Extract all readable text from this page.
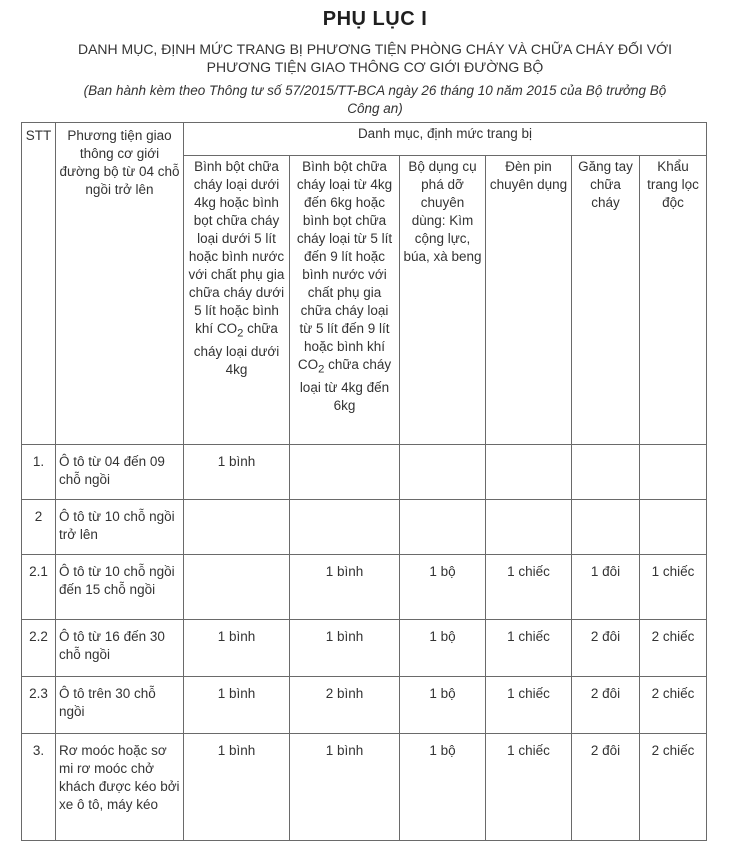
PHỤ LỤC I
DANH MỤC, ĐỊNH MỨC TRANG BỊ PHƯƠNG TIỆN PHÒNG CHÁY VÀ CHỮA CHÁY ĐỐI VỚI
PHƯƠNG TIỆN GIAO THÔNG CƠ GIỚI ĐƯỜNG BỘ
(Ban hành kèm theo Thông tư số 57/2015/TT-BCA ngày 26 tháng 10 năm 2015 của Bộ trưởng Bộ
Công an)
STT	Phương tiện giao thông cơ giới đường bộ từ 04 chỗ ngồi trở lên	Danh mục, định mức trang bị					
		Bình bột chữa cháy loại dưới 4kg hoặc bình bọt chữa cháy loại dưới 5 lít hoặc bình nước với chất phụ gia chữa cháy dưới 5 lít hoặc bình khí $CO_2$ chữa cháy loại dưới 4kg	Bình bột chữa cháy loại từ 4kg đến 6kg hoặc bình bọt chữa cháy loại từ 5 lít đến 9 lít hoặc bình nước với chất phụ gia chữa cháy loại từ 5 lít đến 9 lít hoặc bình khí $CO_2$ chữa cháy loại từ 4kg đến 6kg	Bộ dụng cụ phá dỡ chuyên dùng: Kìm cộng lực, búa, xà beng	Đèn pin chuyên dụng	Găng tay chữa cháy	Khẩu trang lọc độc
1.	Ô tô từ 04 đến 09 chỗ ngồi	1 bình					
2	Ô tô từ 10 chỗ ngồi trở lên						
2.1	Ô tô từ 10 chỗ ngồi đến 15 chỗ ngồi		1 bình	1 bộ	1 chiếc	1 đôi	1 chiếc
2.2	Ô tô từ 16 đến 30 chỗ ngồi	1 bình	1 bình	1 bộ	1 chiếc	2 đôi	2 chiếc
2.3	Ô tô trên 30 chỗ ngồi	1 bình	2 bình	1 bộ	1 chiếc	2 đôi	2 chiếc
3.	Rơ moóc hoặc sơ mi rơ moóc chở khách được kéo bởi xe ô tô, máy kéo	1 bình	1 bình	1 bộ	1 chiếc	2 đôi	2 chiếc
